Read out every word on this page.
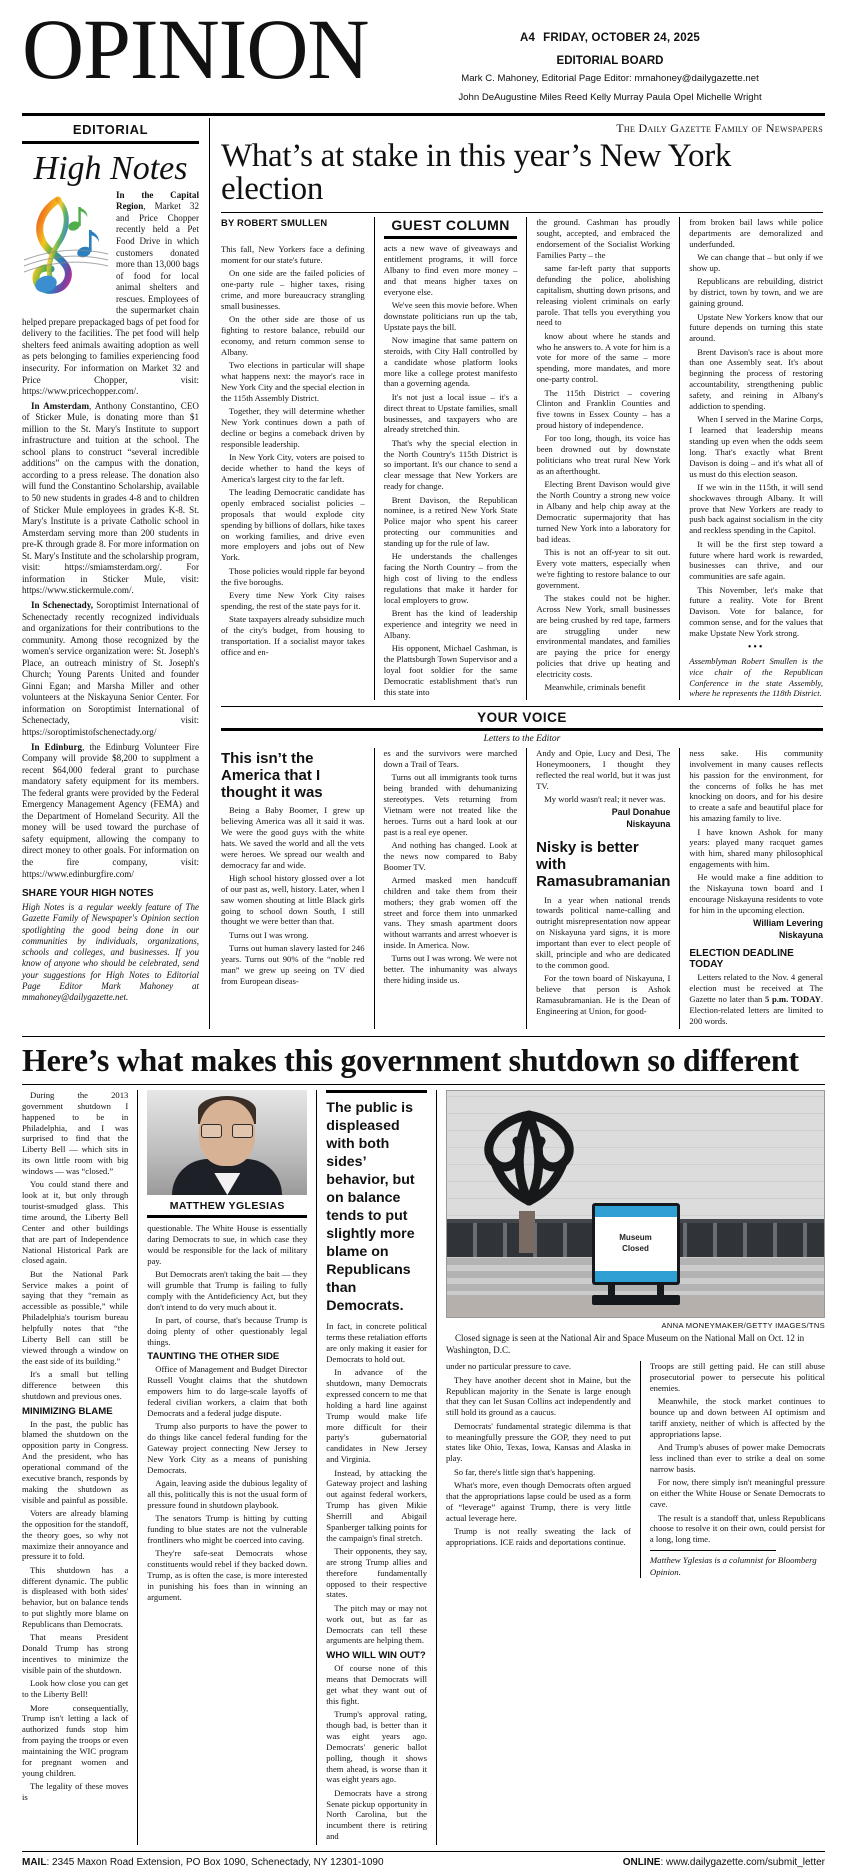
OPINION	A4 FRIDAY, OCTOBER 24, 2025
EDITORIAL BOARD
Mark C. Mahoney, Editorial Page Editor: mmahoney@dailygazette.net
John DeAugustine Miles Reed Kelly Murray Paula Opel Michelle Wright
EDITORIAL
High Notes

In the Capital Region, Market 32 and Price Chopper recently held a Pet Food Drive in which customers donated more than 13,000 bags of food for local animal shelters and rescues. Employees of the supermarket chain helped prepare prepackaged bags of pet food for delivery to the facilities. The pet food will help shelters feed animals awaiting adoption as well as pets belonging to families experiencing food insecurity. For information on Market 32 and Price Chopper, visit: https://www.pricechopper.com/.

In Amsterdam, Anthony Constantino, CEO of Sticker Mule, is donating more than $1 million to the St. Mary's Institute to support infrastructure and tuition at the school. The school plans to construct “several incredible additions” on the campus with the donation, according to a press release. The donation also will fund the Constantino Scholarship, available to 50 new students in grades 4-8 and to children of Sticker Mule employees in grades K-8. St. Mary's Institute is a private Catholic school in Amsterdam serving more than 200 students in pre-K through grade 8. For more information on St. Mary's Institute and the scholarship program, visit: https://smiamsterdam.org/. For information in Sticker Mule, visit: https://www.stickermule.com/.

In Schenectady, Soroptimist International of Schenectady recently recognized individuals and organizations for their contributions to the community. Among those recognized by the women's service organization were: St. Joseph's Place, an outreach ministry of St. Joseph's Church; Young Parents United and founder Ginni Egan; and Marsha Miller and other volunteers at the Niskayuna Senior Center. For information on Soroptimist International of Schenectady, visit: https://soroptimistofschenectady.org/

In Edinburg, the Edinburg Volunteer Fire Company will provide $8,200 to supplment a recent $64,000 federal grant to purchase mandatory safety equipment for its members. The federal grants were provided by the Federal Emergency Management Agency (FEMA) and the Department of Homeland Security. All the money will be used toward the purchase of safety equipment, allowing the company to direct money to other goals. For information on the fire company, visit: https://www.edinburgfire.com/

SHARE YOUR HIGH NOTES
High Notes is a regular weekly feature of The Gazette Family of Newspaper's Opinion section spotlighting the good being done in our communities by individuals, organizations, schools and colleges, and businesses. If you know of anyone who should be celebrated, send your suggestions for High Notes to Editorial Page Editor Mark Mahoney at mmahoney@dailygazette.net.
The Daily Gazette Family of Newspapers
What’s at stake in this year’s New York election
BY ROBERT SMULLEN

This fall, New Yorkers face a defining moment for our state's future.

On one side are the failed policies of one-party rule – higher taxes, rising crime, and more bureaucracy strangling small businesses.

On the other side are those of us fighting to restore balance, rebuild our economy, and return common sense to Albany.

Two elections in particular will shape what happens next: the mayor's race in New York City and the special election in the 115th Assembly District.

Together, they will determine whether New York continues down a path of decline or begins a comeback driven by responsible leadership.

In New York City, voters are poised to decide whether to hand the keys of America's largest city to the far left.

The leading Democratic candidate has openly embraced socialist policies – proposals that would explode city spending by billions of dollars, hike taxes on working families, and drive even more employers and jobs out of New York.

Those policies would ripple far beyond the five boroughs.

Every time New York City raises spending, the rest of the state pays for it.

State taxpayers already subsidize much of the city's budget, from housing to transportation. If a socialist mayor takes office and en-

GUEST COLUMN

acts a new wave of giveaways and entitlement programs, it will force Albany to find even more money – and that means higher taxes on everyone else.

We've seen this movie before. When downstate politicians run up the tab, Upstate pays the bill.

Now imagine that same pattern on steroids, with City Hall controlled by a candidate whose platform looks more like a college protest manifesto than a governing agenda.

It's not just a local issue – it's a direct threat to Upstate families, small businesses, and taxpayers who are already stretched thin.

That's why the special election in the North Country's 115th District is so important. It's our chance to send a clear message that New Yorkers are ready for change.

Brent Davison, the Republican nominee, is a retired New York State Police major who spent his career protecting our communities and standing up for the rule of law.

He understands the challenges facing the North Country – from the high cost of living to the endless regulations that make it harder for local employers to grow.

Brent has the kind of leadership experience and integrity we need in Albany.

His opponent, Michael Cashman, is the Plattsburgh Town Supervisor and a loyal foot soldier for the same Democratic establishment that's run this state into

the ground. Cashman has proudly sought, accepted, and embraced the endorsement of the Socialist Working Families Party – the

same far-left party that supports defunding the police, abolishing capitalism, shutting down prisons, and releasing violent criminals on early parole. That tells you everything you need to

know about where he stands and who he answers to. A vote for him is a vote for more of the same – more spending, more mandates, and more one-party control.

The 115th District – covering Clinton and Franklin Counties and five towns in Essex County – has a proud history of independence.

For too long, though, its voice has been drowned out by downstate politicians who treat rural New York as an afterthought.

Electing Brent Davison would give the North Country a strong new voice in Albany and help chip away at the Democratic supermajority that has turned New York into a laboratory for bad ideas.

This is not an off-year to sit out. Every vote matters, especially when we're fighting to restore balance to our government.

The stakes could not be higher. Across New York, small businesses are being crushed by red tape, farmers are struggling under new environmental mandates, and families are paying the price for energy policies that drive up heating and electricity costs.

Meanwhile, criminals benefit

from broken bail laws while police departments are demoralized and underfunded.

We can change that – but only if we show up.

Republicans are rebuilding, district by district, town by town, and we are gaining ground.

Upstate New Yorkers know that our future depends on turning this state around.

Brent Davison's race is about more than one Assembly seat. It's about beginning the process of restoring accountability, strengthening public safety, and reining in Albany's addiction to spending.

When I served in the Marine Corps, I learned that leadership means standing up even when the odds seem long. That's exactly what Brent Davison is doing – and it's what all of us must do this election season.

If we win in the 115th, it will send shockwaves through Albany. It will prove that New Yorkers are ready to push back against socialism in the city and reckless spending in the Capitol.

It will be the first step toward a future where hard work is rewarded, businesses can thrive, and our communities are safe again.

This November, let's make that future a reality. Vote for Brent Davison. Vote for balance, for common sense, and for the values that make Upstate New York strong.

•••
Assemblyman Robert Smullen is the vice chair of the Republican Conference in the state Assembly, where he represents the 118th District.
YOUR VOICE
Letters to the Editor
This isn’t the America that I thought it was

Being a Baby Boomer, I grew up believing America was all it said it was. We were the good guys with the white hats. We saved the world and all the vets were heroes. We spread our wealth and democracy far and wide.

High school history glossed over a lot of our past as, well, history. Later, when I saw women shouting at little Black girls going to school down South, I still thought we were better than that.

Turns out I was wrong.

Turns out human slavery lasted for 246 years. Turns out 90% of the “noble red man” we grew up seeing on TV died from European diseas-

es and the survivors were marched down a Trail of Tears.

Turns out all immigrants took turns being branded with dehumanizing stereotypes. Vets returning from Vietnam were not treated like the heroes. Turns out a hard look at our past is a real eye opener.

And nothing has changed. Look at the news now compared to Baby Boomer TV.

Armed masked men handcuff children and take them from their mothers; they grab women off the street and force them into unmarked vans. They smash apartment doors without warrants and arrest whoever is inside. In America. Now.

Turns out I was wrong. We were not better. The inhumanity was always there hiding inside us.

Andy and Opie, Lucy and Desi, The Honeymooners, I thought they reflected the real world, but it was just TV.

My world wasn't real; it never was.

Paul Donahue
Niskayuna
Nisky is better with Ramasubramanian

In a year when national trends towards political name-calling and outright misrepresentation now appear on Niskayuna yard signs, it is more important than ever to elect people of skill, principle and who are dedicated to the common good.

For the town board of Niskayuna, I believe that person is Ashok Ramasubramanian. He is the Dean of Engineering at Union, for good-

ness sake. His community involvement in many causes reflects his passion for the environment, for the concerns of folks he has met knocking on doors, and for his desire to create a safe and beautiful place for his amazing family to live.

I have known Ashok for many years: played many racquet games with him, shared many philosophical engagements with him.

He would make a fine addition to the Niskayuna town board and I encourage Niskayuna residents to vote for him in the upcoming election.

William Levering
Niskayuna
ELECTION DEADLINE TODAY

Letters related to the Nov. 4 general election must be received at The Gazette no later than 5 p.m. TODAY. Election-related letters are limited to 200 words.

Here’s what makes this government shutdown so different

During the 2013 government shutdown I happened to be in Philadelphia, and I was surprised to find that the Liberty Bell — which sits in its own little room with big windows — was “closed.”

You could stand there and look at it, but only through tourist-smudged glass. This time around, the Liberty Bell Center and other buildings that are part of Independence National Historical Park are closed again.

But the National Park Service makes a point of saying that they “remain as accessible as possible,” while Philadelphia's tourism bureau helpfully notes that “the Liberty Bell can still be viewed through a window on the east side of its building.”

It's a small but telling difference between this shutdown and previous ones.

MINIMIZING BLAME

In the past, the public has blamed the shutdown on the opposition party in Congress. And the president, who has operational command of the executive branch, responds by making the shutdown as visible and painful as possible.

Voters are already blaming the opposition for the standoff, the theory goes, so why not maximize their annoyance and pressure it to fold.

This shutdown has a different dynamic. The public is displeased with both sides' behavior, but on balance tends to put slightly more blame on Republicans than Democrats.

That means President Donald Trump has strong incentives to minimize the visible pain of the shutdown.

Look how close you can get to the Liberty Bell!

More consequentially, Trump isn't letting a lack of authorized funds stop him from paying the troops or even maintaining the WIC program for pregnant women and young children.

The legality of these moves is

MATTHEW YGLESIAS

questionable. The White House is essentially daring Democrats to sue, in which case they would be responsible for the lack of military pay.

But Democrats aren't taking the bait — they will grumble that Trump is failing to fully comply with the Antideficiency Act, but they don't intend to do very much about it.

In part, of course, that's because Trump is doing plenty of other questionably legal things.

TAUNTING THE OTHER SIDE

Office of Management and Budget Director Russell Vought claims that the shutdown empowers him to do large-scale layoffs of federal civilian workers, a claim that both Democrats and a federal judge dispute.

Trump also purports to have the power to do things like cancel federal funding for the Gateway project connecting New Jersey to New York City as a means of punishing Democrats.

Again, leaving aside the dubious legality of all this, politically this is not the usual form of pressure found in shutdown playbook.

The senators Trump is hitting by cutting funding to blue states are not the vulnerable frontliners who might be coerced into caving.

They're safe-seat Democrats whose constituents would rebel if they backed down. Trump, as is often the case, is more interested in punishing his foes than in winning an argument.

The public is displeased with both sides’ behavior, but on balance tends to put slightly more blame on Republicans than Democrats.

In fact, in concrete political terms these retaliation efforts are only making it easier for Democrats to hold out.

In advance of the shutdown, many Democrats expressed concern to me that holding a hard line against Trump would make life more difficult for their party's gubernatorial candidates in New Jersey and Virginia.

Instead, by attacking the Gateway project and lashing out against federal workers, Trump has given Mikie Sherrill and Abigail Spanberger talking points for the campaign's final stretch.

Their opponents, they say, are strong Trump allies and therefore fundamentally opposed to their respective states.

The pitch may or may not work out, but as far as Democrats can tell these arguments are helping them.

WHO WILL WIN OUT?

Of course none of this means that Democrats will get what they want out of this fight.

Trump's approval rating, though bad, is better than it was eight years ago. Democrats' generic ballot polling, though it shows them ahead, is worse than it was eight years ago.

Democrats have a strong Senate pickup opportunity in North Carolina, but the incumbent there is retiring and

Museum
Closed
ANNA MONEYMAKER/GETTY IMAGES/TNS
Closed signage is seen at the National Air and Space Museum on the National Mall on Oct. 12 in Washington, D.C.

under no particular pressure to cave.

They have another decent shot in Maine, but the Republican majority in the Senate is large enough that they can let Susan Collins act independently and still hold its ground as a caucus.

Democrats' fundamental strategic dilemma is that to meaningfully pressure the GOP, they need to put states like Ohio, Texas, Iowa, Kansas and Alaska in play.

So far, there's little sign that's happening.

What's more, even though Democrats often argued that the appropriations lapse could be used as a form of “leverage” against Trump, there is very little actual leverage here.

Trump is not really sweating the lack of appropriations. ICE raids and deportations continue.

Troops are still getting paid. He can still abuse prosecutorial power to persecute his political enemies.

Meanwhile, the stock market continues to bounce up and down between AI optimism and tariff anxiety, neither of which is affected by the appropriations lapse.

And Trump's abuses of power make Democrats less inclined than ever to strike a deal on some narrow basis.

For now, there simply isn't meaningful pressure on either the White House or Senate Democrats to cave.

The result is a standoff that, unless Republicans choose to resolve it on their own, could persist for a long, long time.

Matthew Yglesias is a columnist for Bloomberg Opinion.
MAIL: 2345 Maxon Road Extension, PO Box 1090, Schenectady, NY 12301-1090	ONLINE: www.dailygazette.com/submit_letter
